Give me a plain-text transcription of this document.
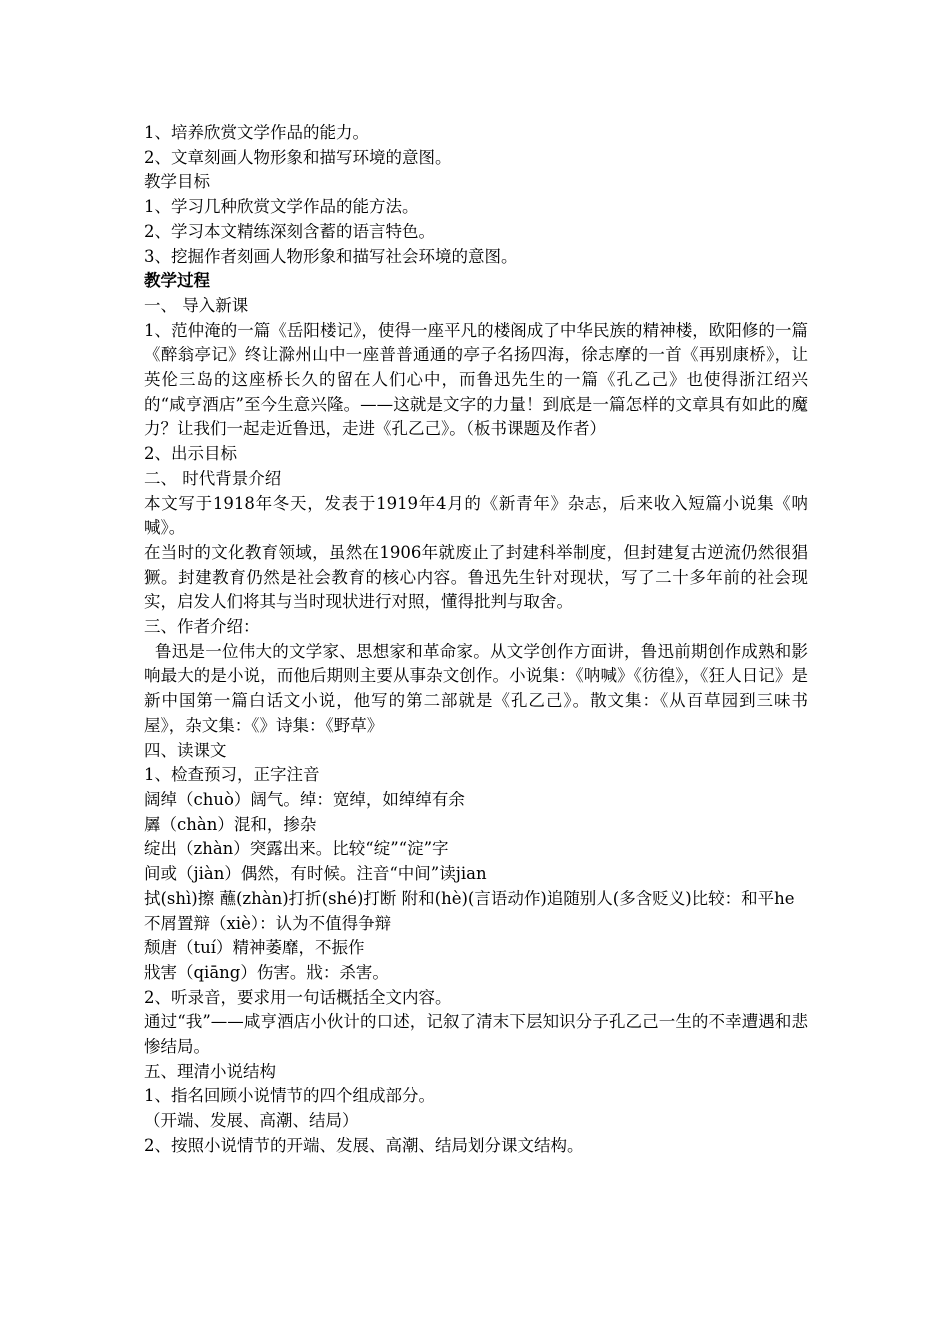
1、培养欣赏文学作品的能力。

2、文章刻画人物形象和描写环境的意图。

教学目标

1、学习几种欣赏文学作品的能方法。

2、学习本文精练深刻含蓄的语言特色。

3、挖掘作者刻画人物形象和描写社会环境的意图。

教学过程

一、 导入新课

1、范仲淹的一篇《岳阳楼记》，使得一座平凡的楼阁成了中华民族的精神楼，欧阳修的一篇《醉翁亭记》终让滁州山中一座普普通通的亭子名扬四海，徐志摩的一首《再别康桥》，让英伦三岛的这座桥长久的留在人们心中，而鲁迅先生的一篇《孔乙己》也使得浙江绍兴的“咸亨酒店”至今生意兴隆。——这就是文字的力量！到底是一篇怎样的文章具有如此的魔力？让我们一起走近鲁迅，走进《孔乙己》。（板书课题及作者）

2、出示目标

二、 时代背景介绍

本文写于1918年冬天，发表于1919年4月的《新青年》杂志，后来收入短篇小说集《呐喊》。

在当时的文化教育领域，虽然在1906年就废止了封建科举制度，但封建复古逆流仍然很猖獗。封建教育仍然是社会教育的核心内容。鲁迅先生针对现状，写了二十多年前的社会现实，启发人们将其与当时现状进行对照，懂得批判与取舍。

三、作者介绍：

鲁迅是一位伟大的文学家、思想家和革命家。从文学创作方面讲，鲁迅前期创作成熟和影响最大的是小说，而他后期则主要从事杂文创作。小说集：《呐喊》《彷徨》，《狂人日记》是新中国第一篇白话文小说，他写的第二部就是《孔乙己》。散文集：《从百草园到三味书屋》，杂文集：《》诗集：《野草》

四、读课文

1、检查预习，正字注音

阔绰（chuò）阔气。绰：宽绰，如绰绰有余

羼（chàn）混和，掺杂

绽出（zhàn）突露出来。比较“绽”“淀”字

间或（jiàn）偶然，有时候。注音“中间”读jian

拭(shì)擦 蘸(zhàn)打折(shé)打断 附和(hè)(言语动作)追随别人(多含贬义)比较：和平he

不屑置辩（xiè）：认为不值得争辩

颓唐（tuí）精神萎靡，不振作

戕害（qiāng）伤害。戕：杀害。

2、听录音，要求用一句话概括全文内容。

通过“我”——咸亨酒店小伙计的口述，记叙了清末下层知识分子孔乙己一生的不幸遭遇和悲惨结局。

五、理清小说结构

1、指名回顾小说情节的四个组成部分。

（开端、发展、高潮、结局）

2、按照小说情节的开端、发展、高潮、结局划分课文结构。
